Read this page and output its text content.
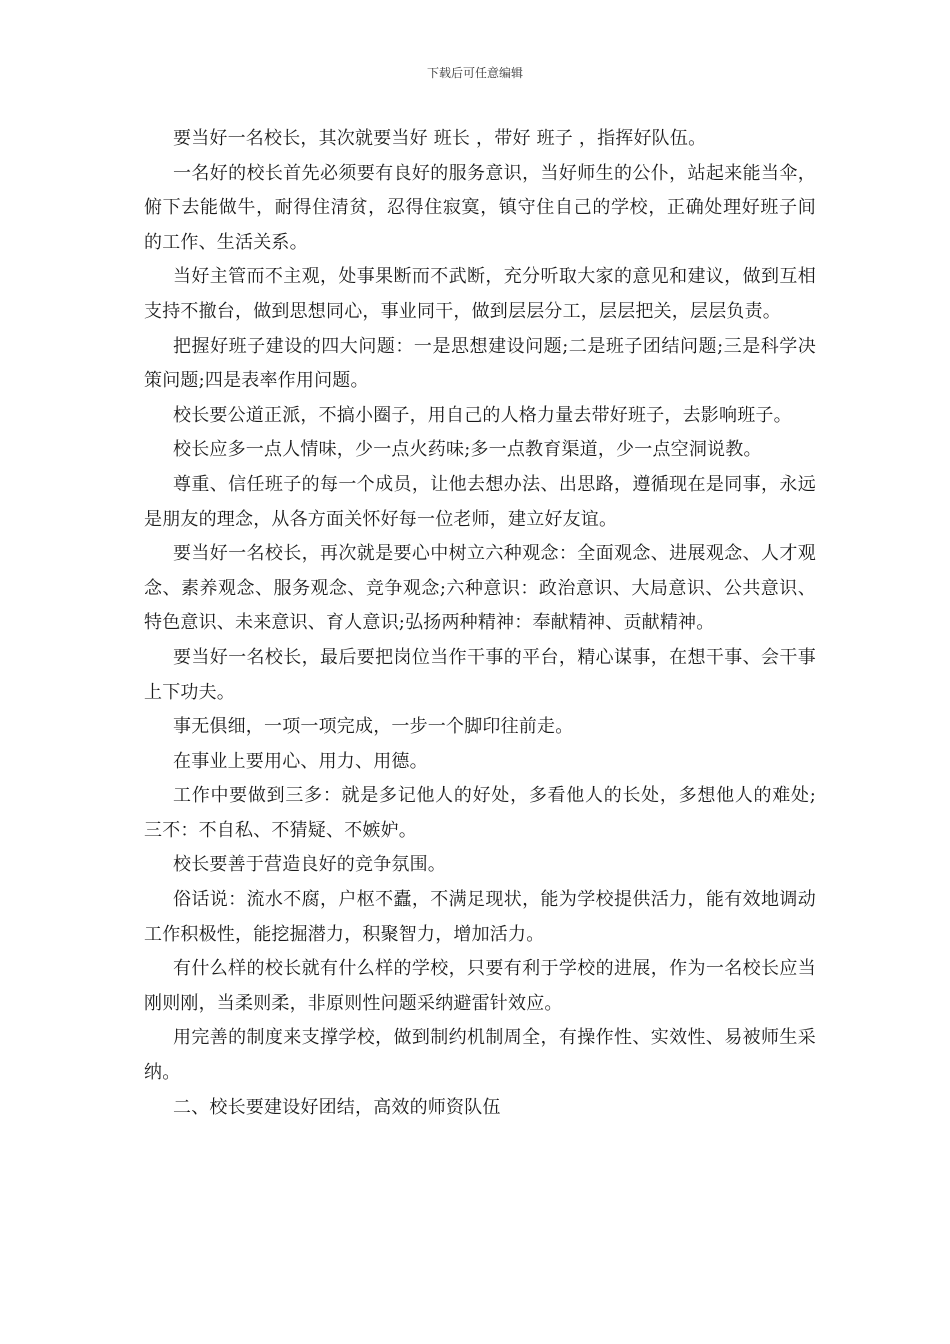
下载后可任意编辑

要当好一名校长，其次就要当好 班长 ，带好 班子 ，指挥好队伍。

一名好的校长首先必须要有良好的服务意识，当好师生的公仆，站起来能当伞，俯下去能做牛，耐得住清贫，忍得住寂寞，镇守住自己的学校，正确处理好班子间的工作、生活关系。

当好主管而不主观，处事果断而不武断，充分听取大家的意见和建议，做到互相支持不撤台，做到思想同心，事业同干，做到层层分工，层层把关，层层负责。

把握好班子建设的四大问题：一是思想建设问题;二是班子团结问题;三是科学决策问题;四是表率作用问题。

校长要公道正派，不搞小圈子，用自己的人格力量去带好班子，去影响班子。

校长应多一点人情味，少一点火药味;多一点教育渠道，少一点空洞说教。

尊重、信任班子的每一个成员，让他去想办法、出思路，遵循现在是同事，永远是朋友的理念，从各方面关怀好每一位老师，建立好友谊。

要当好一名校长，再次就是要心中树立六种观念：全面观念、进展观念、人才观念、素养观念、服务观念、竞争观念;六种意识：政治意识、大局意识、公共意识、特色意识、未来意识、育人意识;弘扬两种精神：奉献精神、贡献精神。

要当好一名校长，最后要把岗位当作干事的平台，精心谋事，在想干事、会干事上下功夫。

事无俱细，一项一项完成，一步一个脚印往前走。

在事业上要用心、用力、用德。

工作中要做到三多：就是多记他人的好处，多看他人的长处，多想他人的难处;三不：不自私、不猜疑、不嫉妒。

校长要善于营造良好的竞争氛围。

俗话说：流水不腐，户枢不蠹，不满足现状，能为学校提供活力，能有效地调动工作积极性，能挖掘潜力，积聚智力，增加活力。

有什么样的校长就有什么样的学校，只要有利于学校的进展，作为一名校长应当刚则刚，当柔则柔，非原则性问题采纳避雷针效应。

用完善的制度来支撑学校，做到制约机制周全，有操作性、实效性、易被师生采纳。

二、校长要建设好团结，高效的师资队伍
